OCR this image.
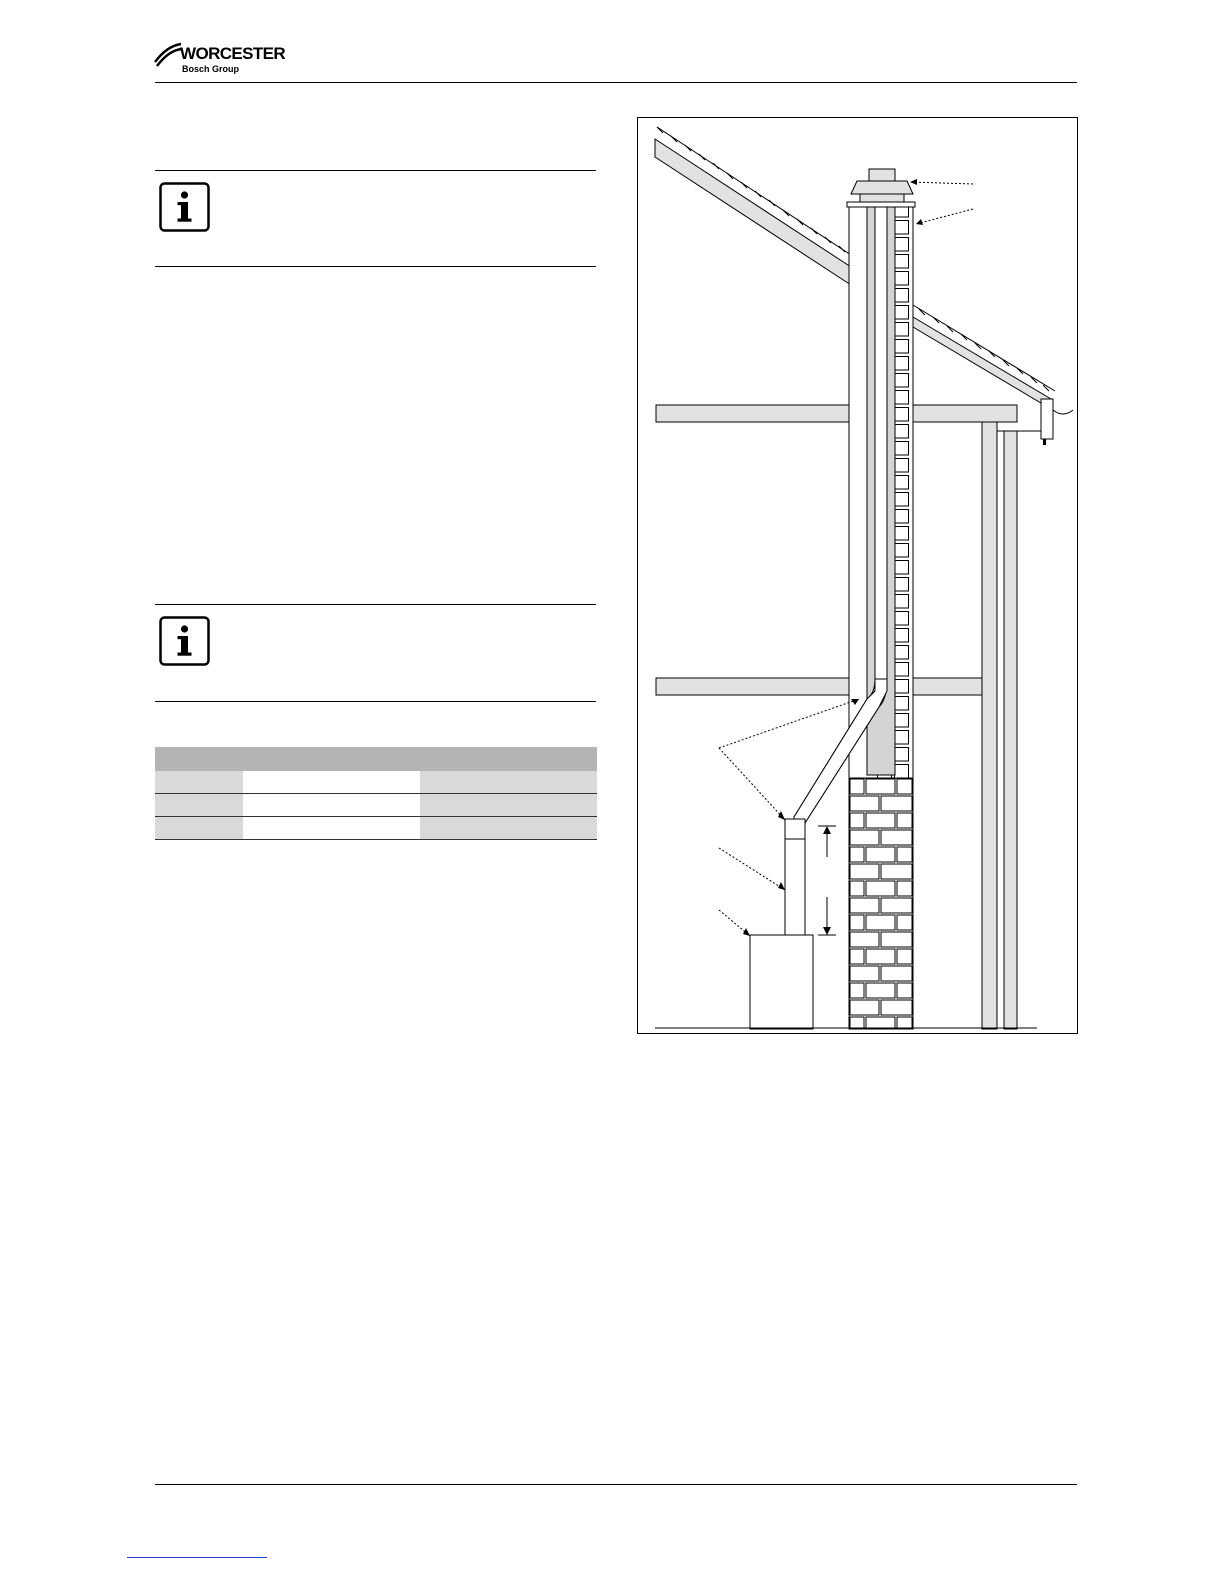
WORCESTER
Bosch Group
